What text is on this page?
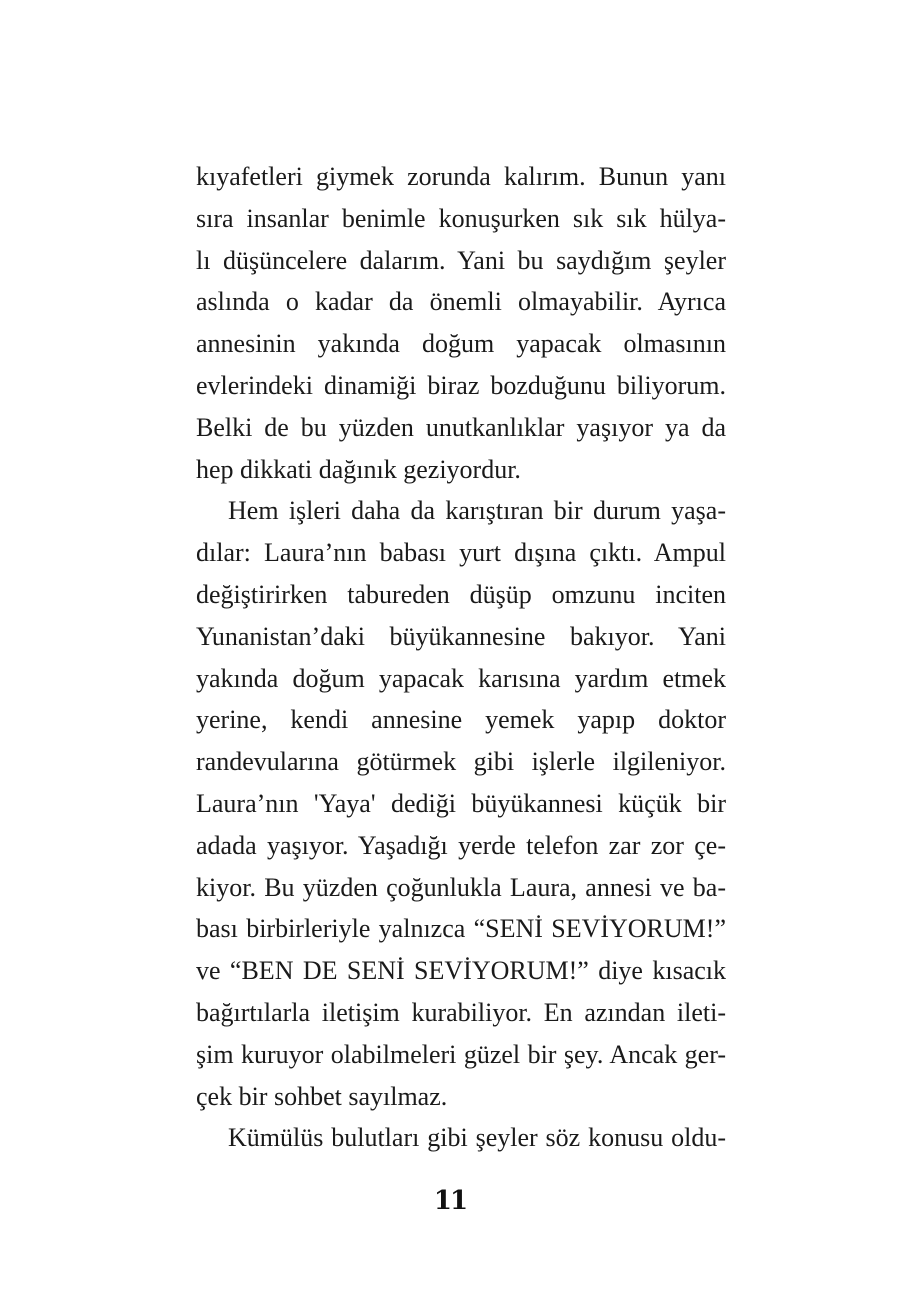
kıyafetleri giymek zorunda kalırım. Bunun yanı
sıra insanlar benimle konuşurken sık sık hülya-
lı düşüncelere dalarım. Yani bu saydığım şeyler
aslında o kadar da önemli olmayabilir. Ayrıca
annesinin yakında doğum yapacak olmasının
evlerindeki dinamiği biraz bozduğunu biliyorum.
Belki de bu yüzden unutkanlıklar yaşıyor ya da
hep dikkati dağınık geziyordur.
Hem işleri daha da karıştıran bir durum yaşa-
dılar: Laura’nın babası yurt dışına çıktı. Ampul
değiştirirken tabureden düşüp omzunu inciten
Yunanistan’daki büyükannesine bakıyor. Yani
yakında doğum yapacak karısına yardım etmek
yerine, kendi annesine yemek yapıp doktor
randevularına götürmek gibi işlerle ilgileniyor.
Laura’nın 'Yaya' dediği büyükannesi küçük bir
adada yaşıyor. Yaşadığı yerde telefon zar zor çe-
kiyor. Bu yüzden çoğunlukla Laura, annesi ve ba-
bası birbirleriyle yalnızca “SENİ SEVİYORUM!”
ve “BEN DE SENİ SEVİYORUM!” diye kısacık
bağırtılarla iletişim kurabiliyor. En azından ileti-
şim kuruyor olabilmeleri güzel bir şey. Ancak ger-
çek bir sohbet sayılmaz.
Kümülüs bulutları gibi şeyler söz konusu oldu-
11
